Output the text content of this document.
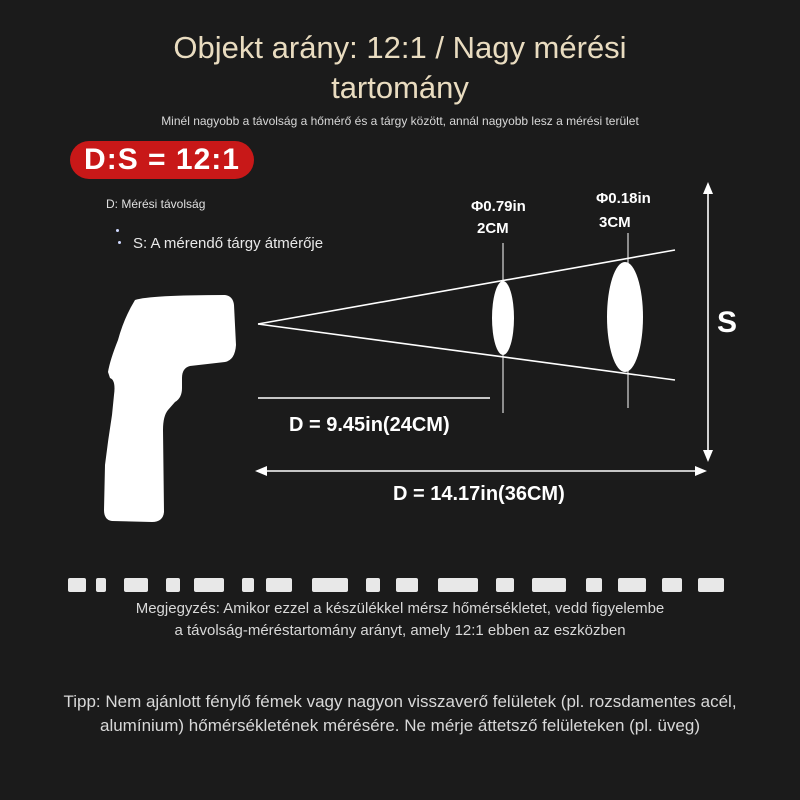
Objekt arány: 12:1 / Nagy mérési
tartomány
Minél nagyobb a távolság a hőmérő és a tárgy között, annál nagyobb lesz a mérési terület
D:S = 12:1
D: Mérési távolság
S: A mérendő tárgy átmérője
Φ0.79in
2CM
Φ0.18in
3CM
S
D = 9.45in(24CM)
D = 14.17in(36CM)
Megjegyzés: Amikor ezzel a készülékkel mérsz hőmérsékletet, vedd figyelembe
a távolság-méréstartomány arányt, amely 12:1 ebben az eszközben
Tipp: Nem ajánlott fénylő fémek vagy nagyon visszaverő felületek (pl. rozsdamentes acél, alumínium) hőmérsékletének mérésére. Ne mérje áttetsző felületeken (pl. üveg)
